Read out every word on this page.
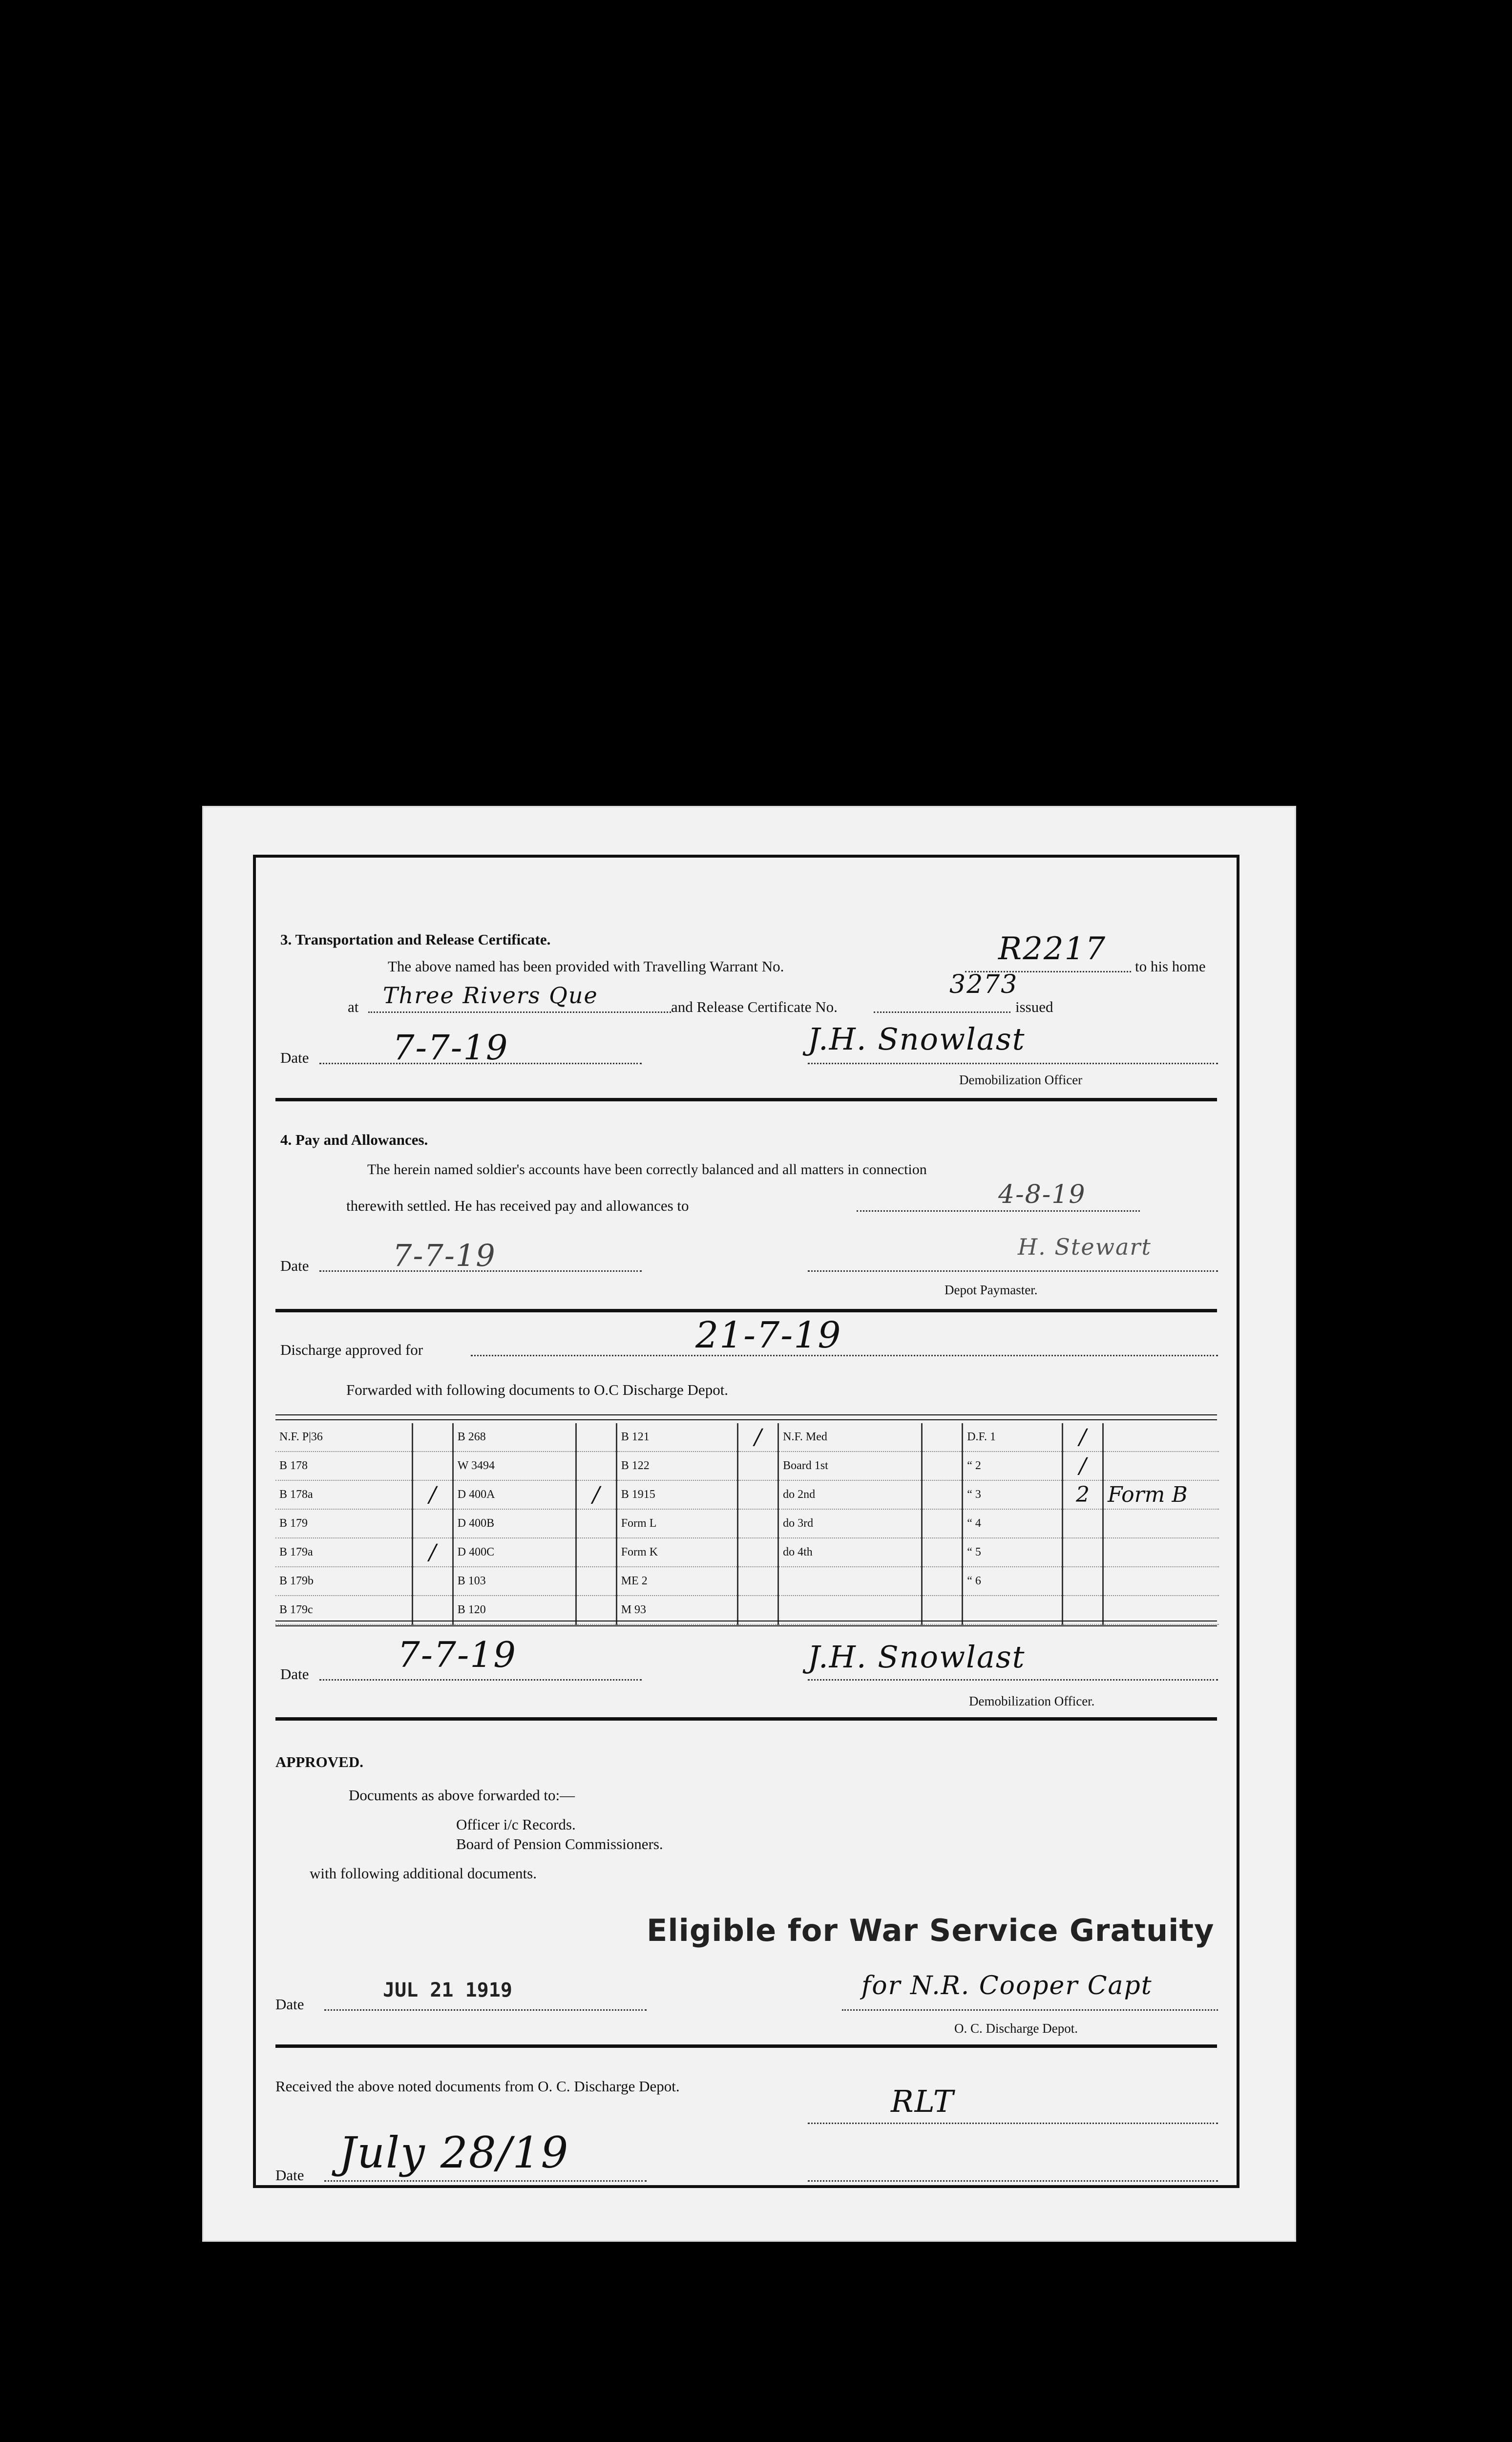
3. Transportation and Release Certificate.
The above named has been provided with Travelling Warrant No.	R2217 to his home
at Three Rivers Que	and Release Certificate No.
3273
issued
Date 7-7-19	J.H. Snowlast
Demobilization Officer
4. Pay and Allowances.
The herein named soldier's accounts have been correctly balanced and all matters in connection
therewith settled. He has received pay and allowances to	4-8-19
Date	7-7-19	H. Stewart
Depot Paymaster.
Discharge approved for	21-7-19
Forwarded with following documents to O.C Discharge Depot.
N.F. P|36		B 268		B 121	/	N.F. Med		D.F. 1	/	
B 178		W 3494		B 122		Board 1st		“ 2	/	
B 178a	/	D 400A	/	B 1915		do 2nd		“ 3	2	Form B
B 179		D 400B		Form L		do 3rd		“ 4		
B 179a	/	D 400C		Form K		do 4th		“ 5		
B 179b		B 103		ME 2				“ 6		
B 179c		B 120		M 93						
Date	7-7-19	J.H. Snowlast
Demobilization Officer.
APPROVED.
Documents as above forwarded to:—
Officer i/c Records.
Board of Pension Commissioners.
with following additional documents.
Eligible for War Service Gratuity
Date
JUL 21 1919	for N.R. Cooper Capt
O. C. Discharge Depot.
Received the above noted documents from O. C. Discharge Depot.	RLT
Date July 28/19
